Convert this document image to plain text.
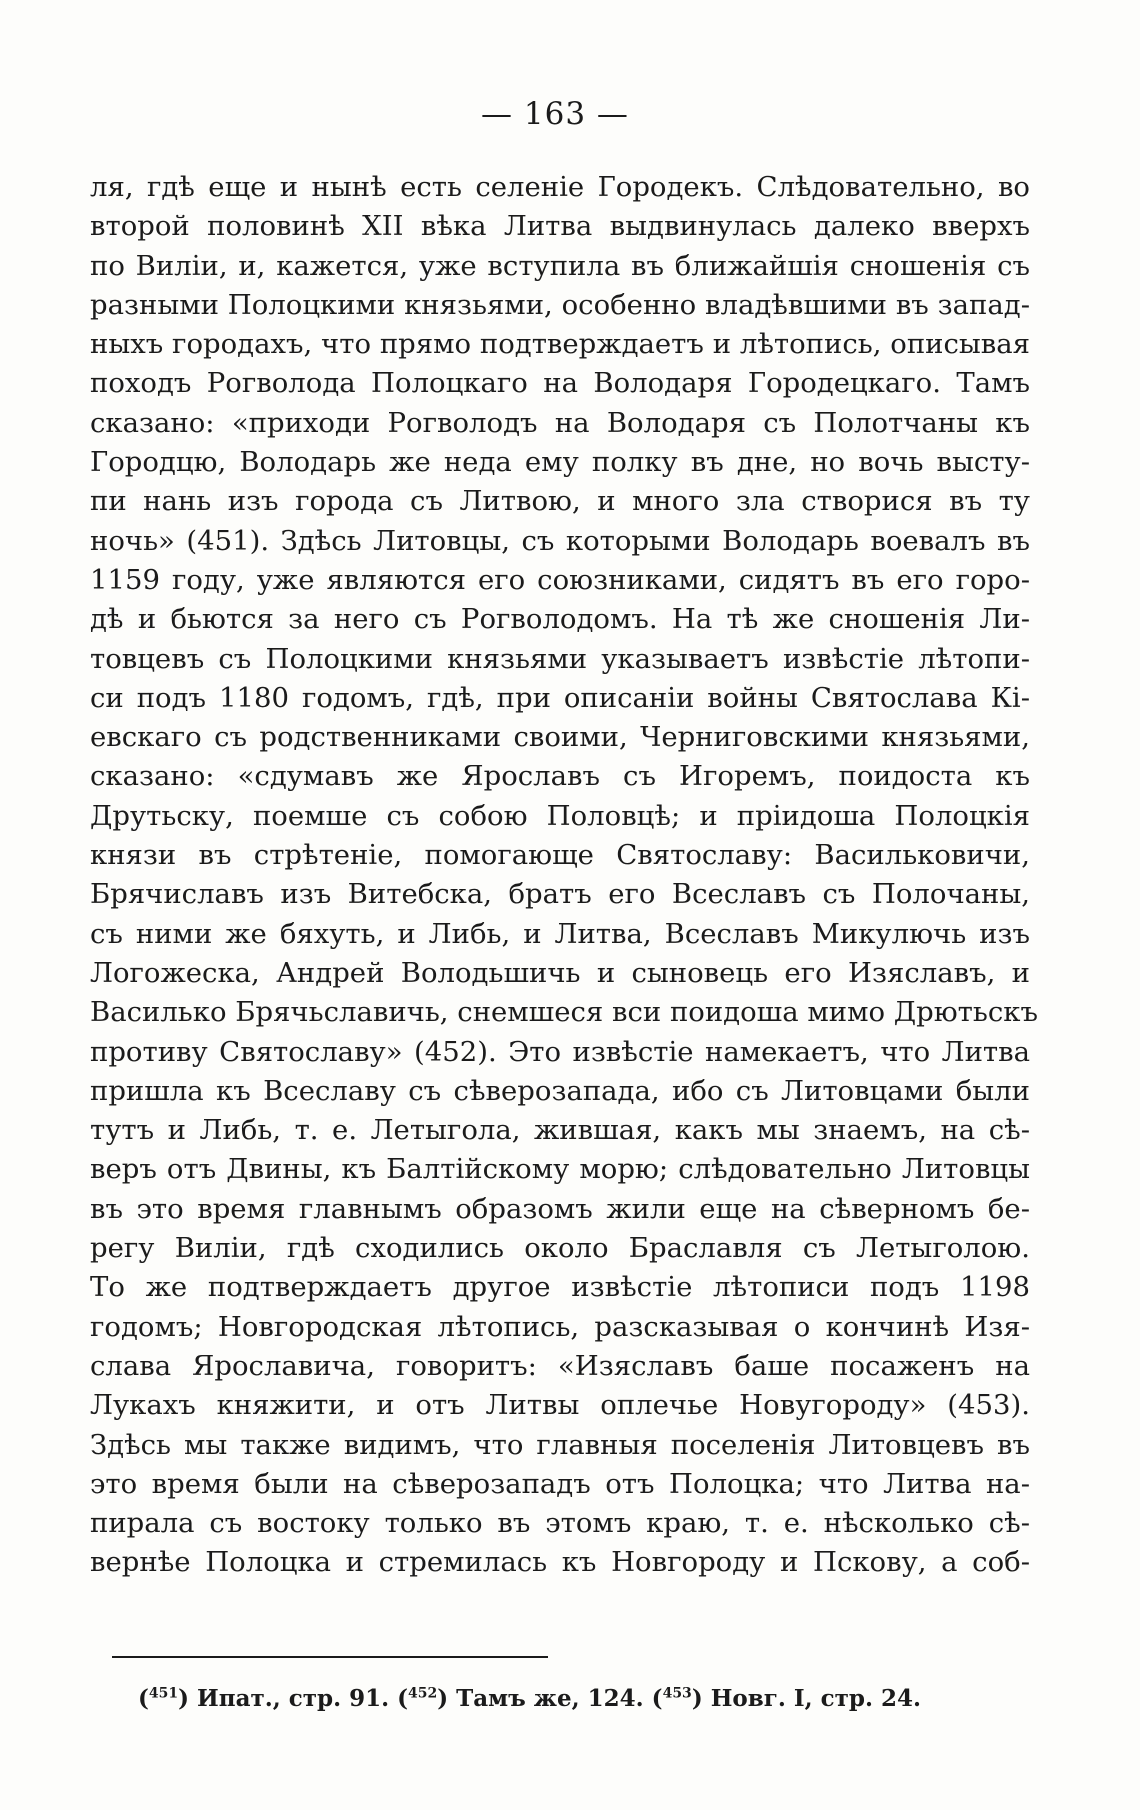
— 163 —
ля, гдѣ еще и нынѣ есть селеніе Городекъ. Слѣдовательно, во
второй половинѣ XII вѣка Литва выдвинулась далеко вверхъ
по Виліи, и, кажется, уже вступила въ ближайшія сношенія съ
разными Полоцкими князьями, особенно владѣвшими въ запад-
ныхъ городахъ, что прямо подтверждаетъ и лѣтопись, описывая
походъ Рогволода Полоцкаго на Володаря Городецкаго. Тамъ
сказано: «приходи Рогволодъ на Володаря съ Полотчаны къ
Городцю, Володарь же неда ему полку въ дне, но вочь высту-
пи нань изъ города съ Литвою, и много зла створися въ ту
ночь» (451). Здѣсь Литовцы, съ которыми Володарь воевалъ въ
1159 году, уже являются его союзниками, сидятъ въ его горо-
дѣ и бьются за него съ Рогволодомъ. На тѣ же сношенія Ли-
товцевъ съ Полоцкими князьями указываетъ извѣстіе лѣтопи-
си подъ 1180 годомъ, гдѣ, при описаніи войны Святослава Кі-
евскаго съ родственниками своими, Черниговскими князьями,
сказано: «сдумавъ же Ярославъ съ Игоремъ, поидоста къ
Друтьску, поемше съ собою Половцѣ; и пріидоша Полоцкія
князи въ стрѣтеніе, помогающе Святославу: Васильковичи,
Брячиславъ изъ Витебска, братъ его Всеславъ съ Полочаны,
съ ними же бяхуть, и Либь, и Литва, Всеславъ Микулючь изъ
Логожеска, Андрей Володьшичь и сыновець его Изяславъ, и
Василько Брячьславичь, снемшеся вси поидоша мимо Дрютьскъ
противу Святославу» (452). Это извѣстіе намекаетъ, что Литва
пришла къ Всеславу съ сѣверозапада, ибо съ Литовцами были
тутъ и Либь, т. е. Летыгола, жившая, какъ мы знаемъ, на сѣ-
веръ отъ Двины, къ Балтійскому морю; слѣдовательно Литовцы
въ это время главнымъ образомъ жили еще на сѣверномъ бе-
регу Виліи, гдѣ сходились около Браславля съ Летыголою.
То же подтверждаетъ другое извѣстіе лѣтописи подъ 1198
годомъ; Новгородская лѣтопись, разсказывая о кончинѣ Изя-
слава Ярославича, говоритъ: «Изяславъ баше посаженъ на
Лукахъ княжити, и отъ Литвы оплечье Новугороду» (453).
Здѣсь мы также видимъ, что главныя поселенія Литовцевъ въ
это время были на сѣверозападъ отъ Полоцка; что Литва на-
пирала съ востоку только въ этомъ краю, т. е. нѣсколько сѣ-
вернѣе Полоцка и стремилась къ Новгороду и Пскову, а соб-
($^{451}$) Ипат., стр. 91. ($^{452}$) Тамъ же, 124. ($^{453}$) Новг. I, стр. 24.
